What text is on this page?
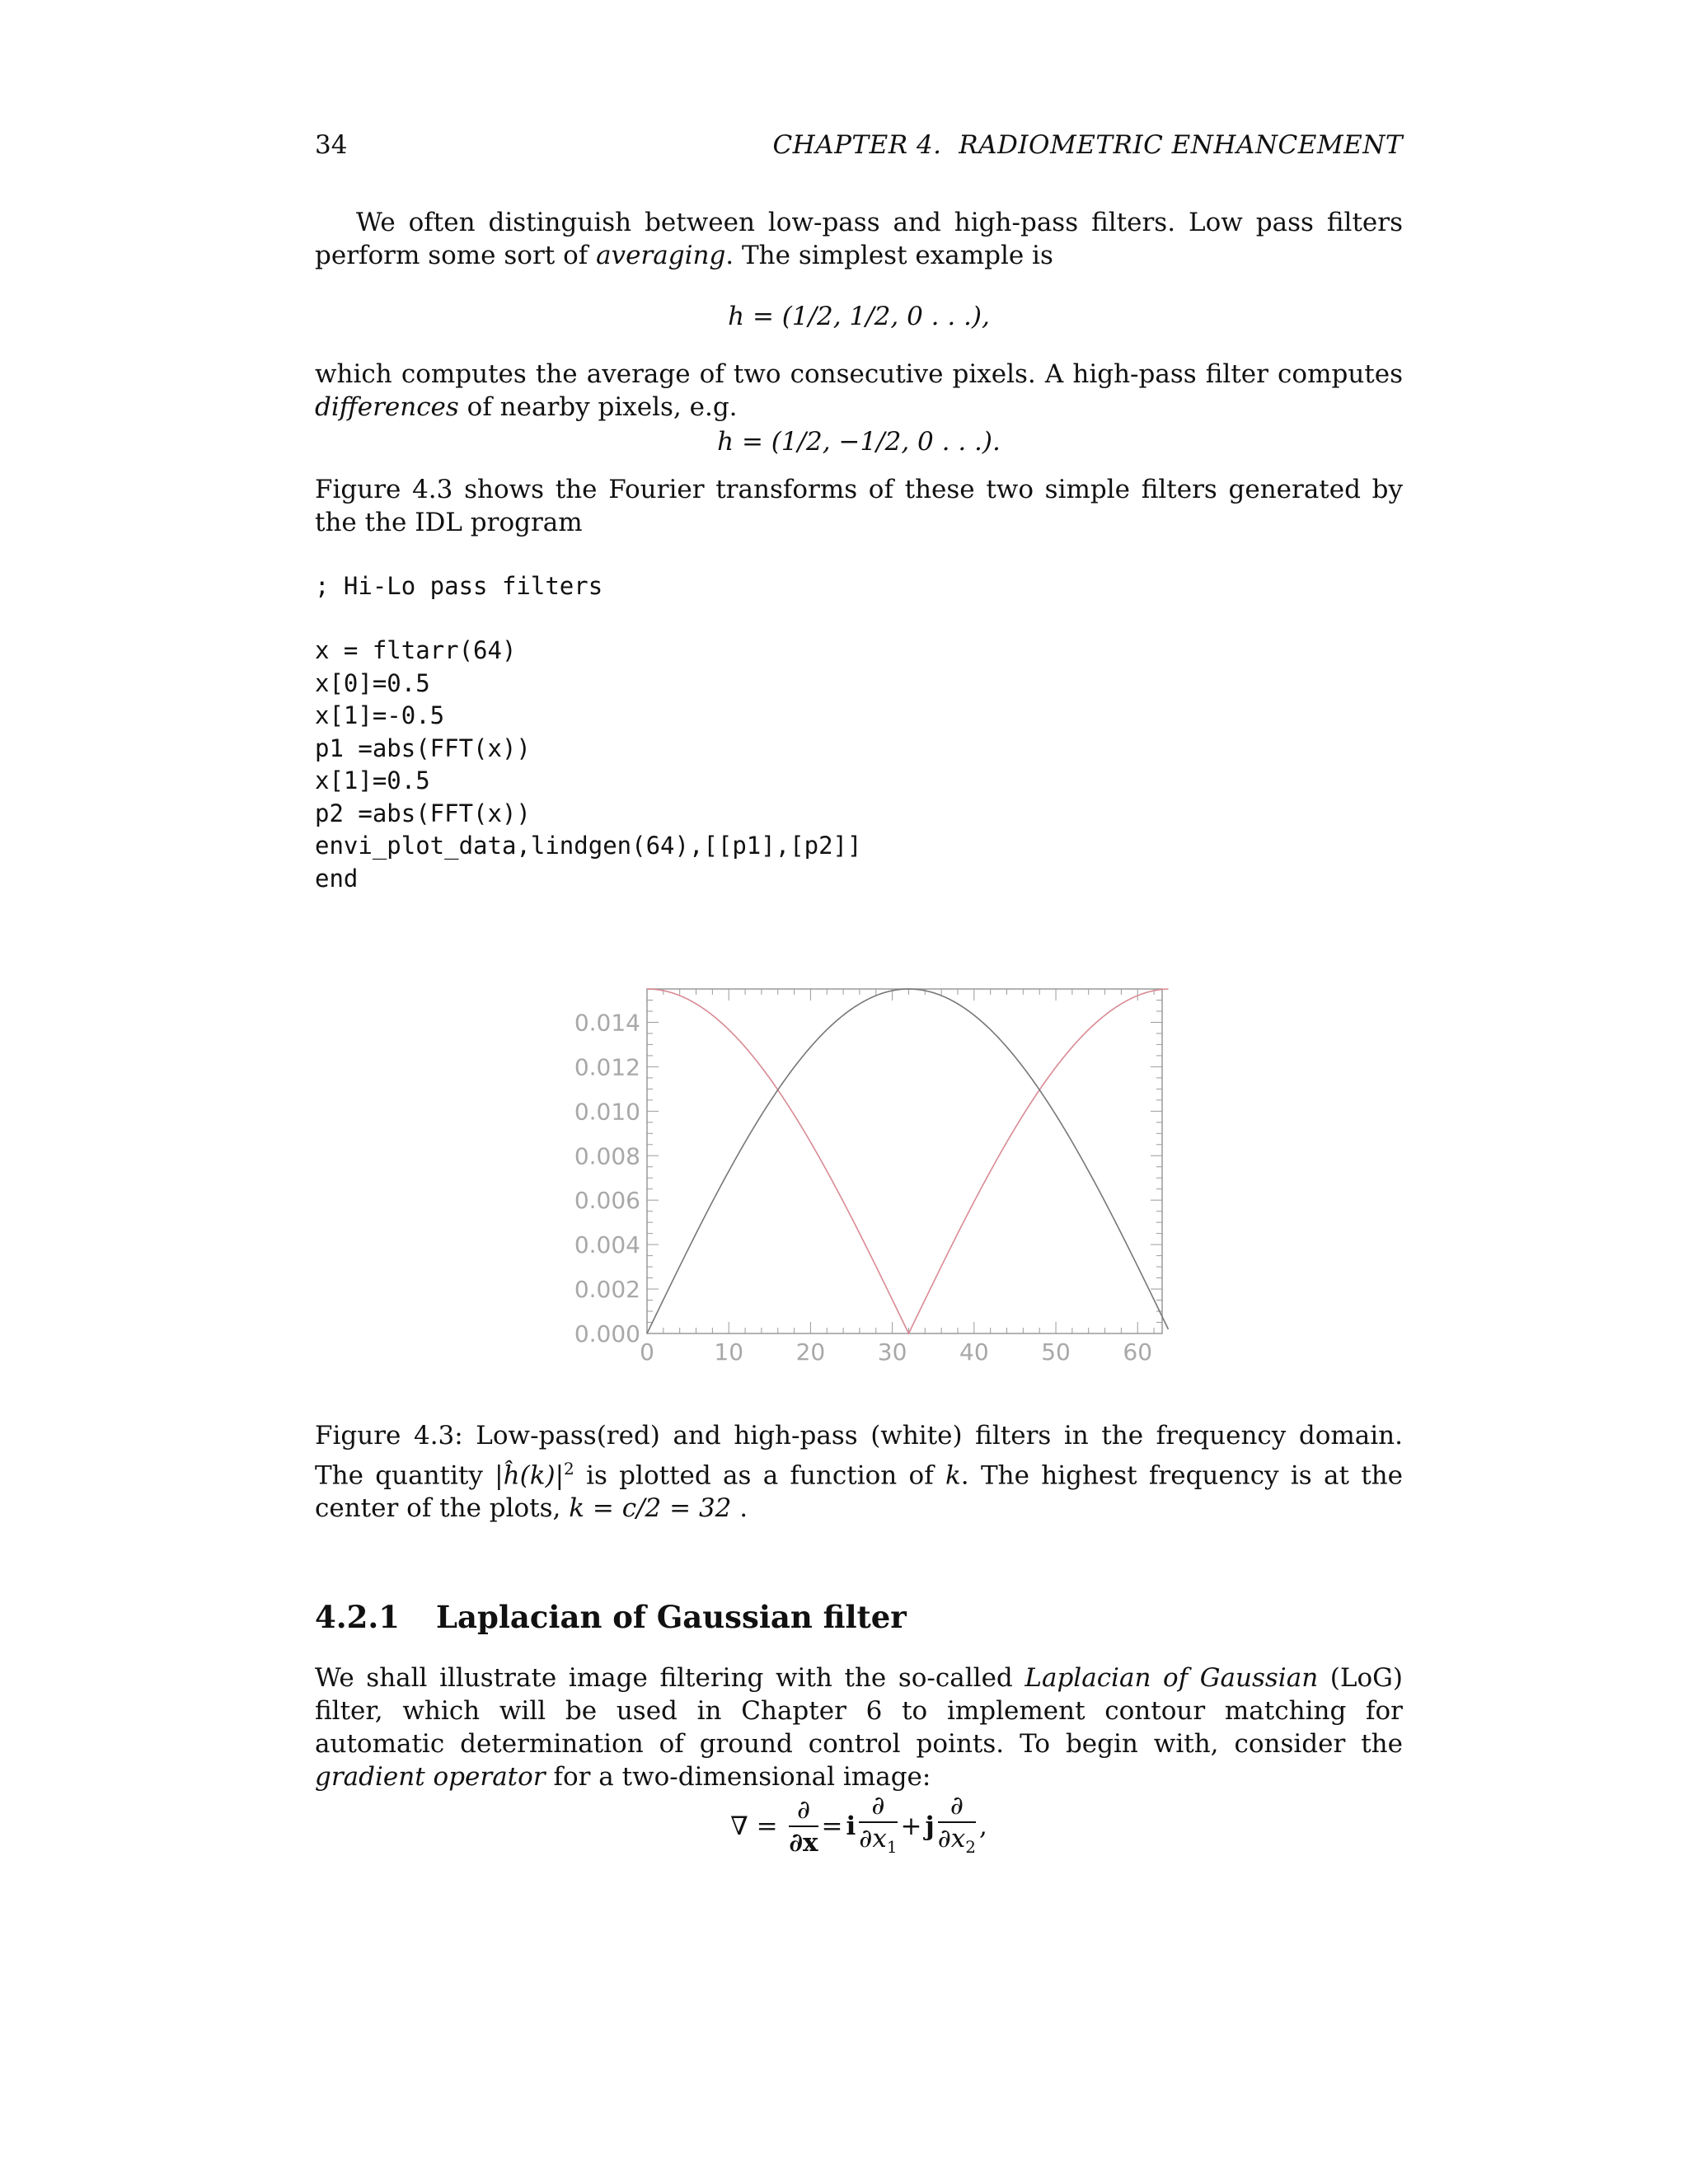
34	CHAPTER 4.  RADIOMETRIC ENHANCEMENT
We often distinguish between low-pass and high-pass filters. Low pass filters perform some sort of averaging. The simplest example is
h = (1/2, 1/2, 0 . . .),
which computes the average of two consecutive pixels. A high-pass filter computes differences of nearby pixels, e.g.
h = (1/2, −1/2, 0 . . .).
Figure 4.3 shows the Fourier transforms of these two simple filters generated by the the IDL program
; Hi-Lo pass filters
x = fltarr(64)
x[0]=0.5
x[1]=-0.5
p1 =abs(FFT(x))
x[1]=0.5
p2 =abs(FFT(x))
envi_plot_data,lindgen(64),[[p1],[p2]]
end
0	10 20 30 40 50 60
0.000
0.002
0.004
0.006
0.008
0.010
0.012
0.014
Figure 4.3: Low-pass(red) and high-pass (white) filters in the frequency domain. The quantity $|ĥ(k)|^2$ is plotted as a function of k. The highest frequency is at the center of the plots, k = c/2 = 32 .
4.2.1 Laplacian of Gaussian filter
We shall illustrate image filtering with the so-called Laplacian of Gaussian (LoG) filter, which will be used in Chapter 6 to implement contour matching for automatic determination of ground control points. To begin with, consider the gradient operator for a two-dimensional image:
∇ = $\frac{\partial}{\partial x} = i \frac{\partial}{\partial x_1} + j \frac{\partial}{\partial x_2}$ ,
